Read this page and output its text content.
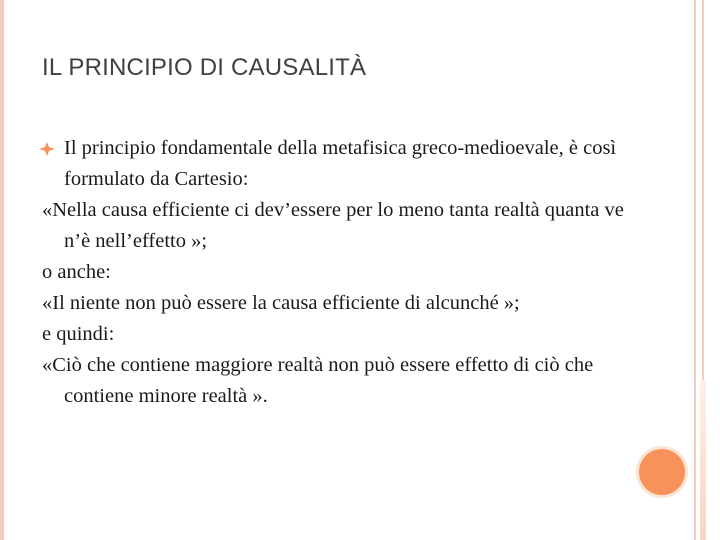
IL PRINCIPIO DI CAUSALITÀ

Il principio fondamentale della metafisica greco-medioevale, è così formulato da Cartesio:

«Nella causa efficiente ci dev’essere per lo meno tanta realtà quanta ve n’è nell’effetto »;

o anche:

«Il niente non può essere la causa efficiente di alcunché »;

e quindi:

«Ciò che contiene maggiore realtà non può essere effetto di ciò che contiene minore realtà ».
